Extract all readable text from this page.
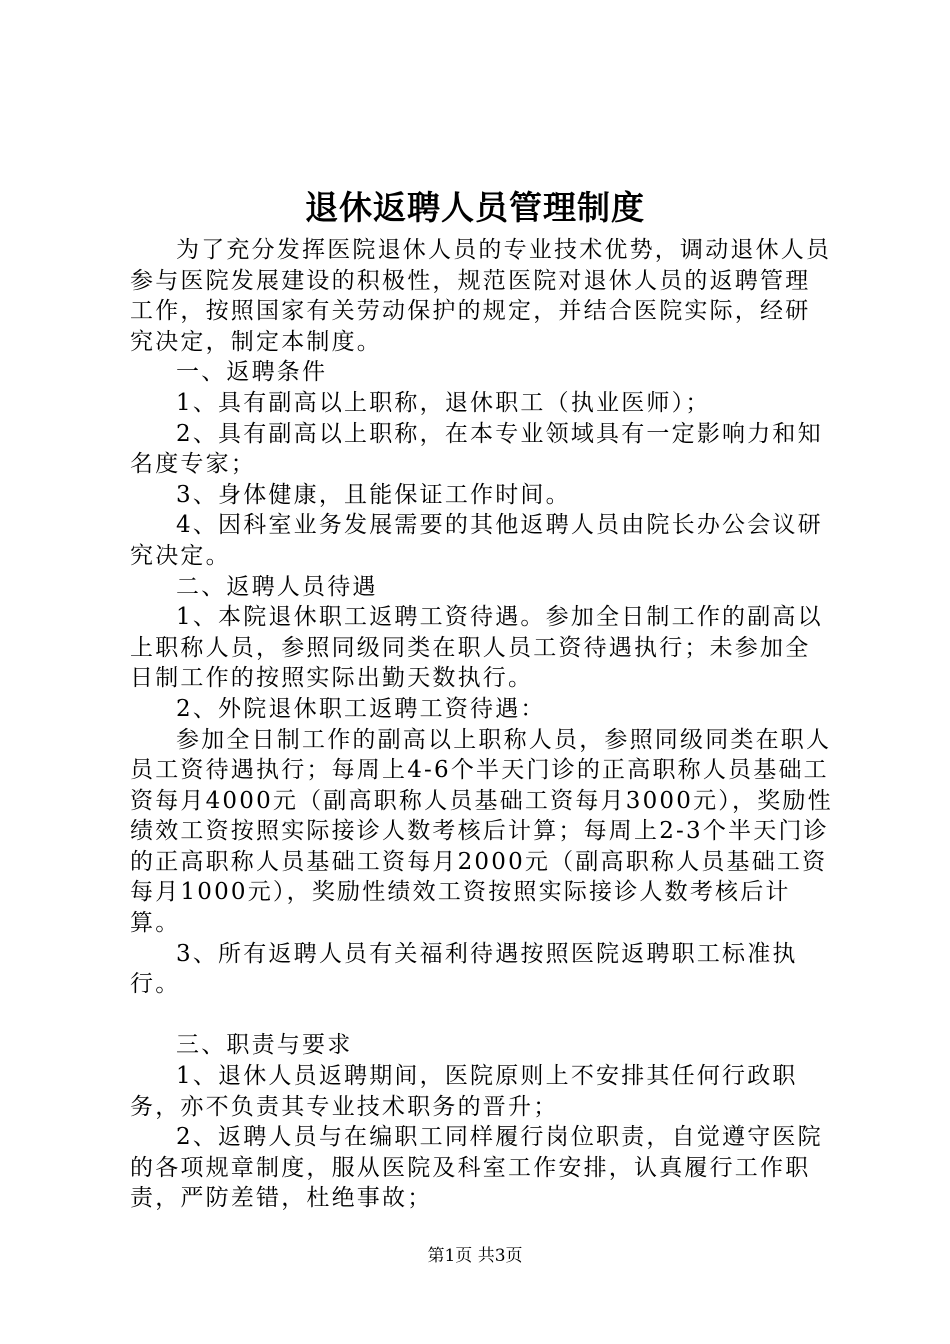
退休返聘人员管理制度

为了充分发挥医院退休人员的专业技术优势，调动退休人员参与医院发展建设的积极性，规范医院对退休人员的返聘管理工作，按照国家有关劳动保护的规定，并结合医院实际，经研究决定，制定本制度。

一、返聘条件

1、具有副高以上职称，退休职工（执业医师）；

2、具有副高以上职称，在本专业领域具有一定影响力和知名度专家；

3、身体健康，且能保证工作时间。

4、因科室业务发展需要的其他返聘人员由院长办公会议研究决定。

二、返聘人员待遇

1、本院退休职工返聘工资待遇。参加全日制工作的副高以上职称人员，参照同级同类在职人员工资待遇执行；未参加全日制工作的按照实际出勤天数执行。

2、外院退休职工返聘工资待遇：

参加全日制工作的副高以上职称人员，参照同级同类在职人员工资待遇执行；每周上4-6个半天门诊的正高职称人员基础工资每月4000元（副高职称人员基础工资每月3000元），奖励性绩效工资按照实际接诊人数考核后计算；每周上2-3个半天门诊的正高职称人员基础工资每月2000元（副高职称人员基础工资每月1000元），奖励性绩效工资按照实际接诊人数考核后计算。

3、所有返聘人员有关福利待遇按照医院返聘职工标准执行。

三、职责与要求

1、退休人员返聘期间，医院原则上不安排其任何行政职务，亦不负责其专业技术职务的晋升；

2、返聘人员与在编职工同样履行岗位职责，自觉遵守医院的各项规章制度，服从医院及科室工作安排，认真履行工作职责，严防差错，杜绝事故；

第1页 共3页
